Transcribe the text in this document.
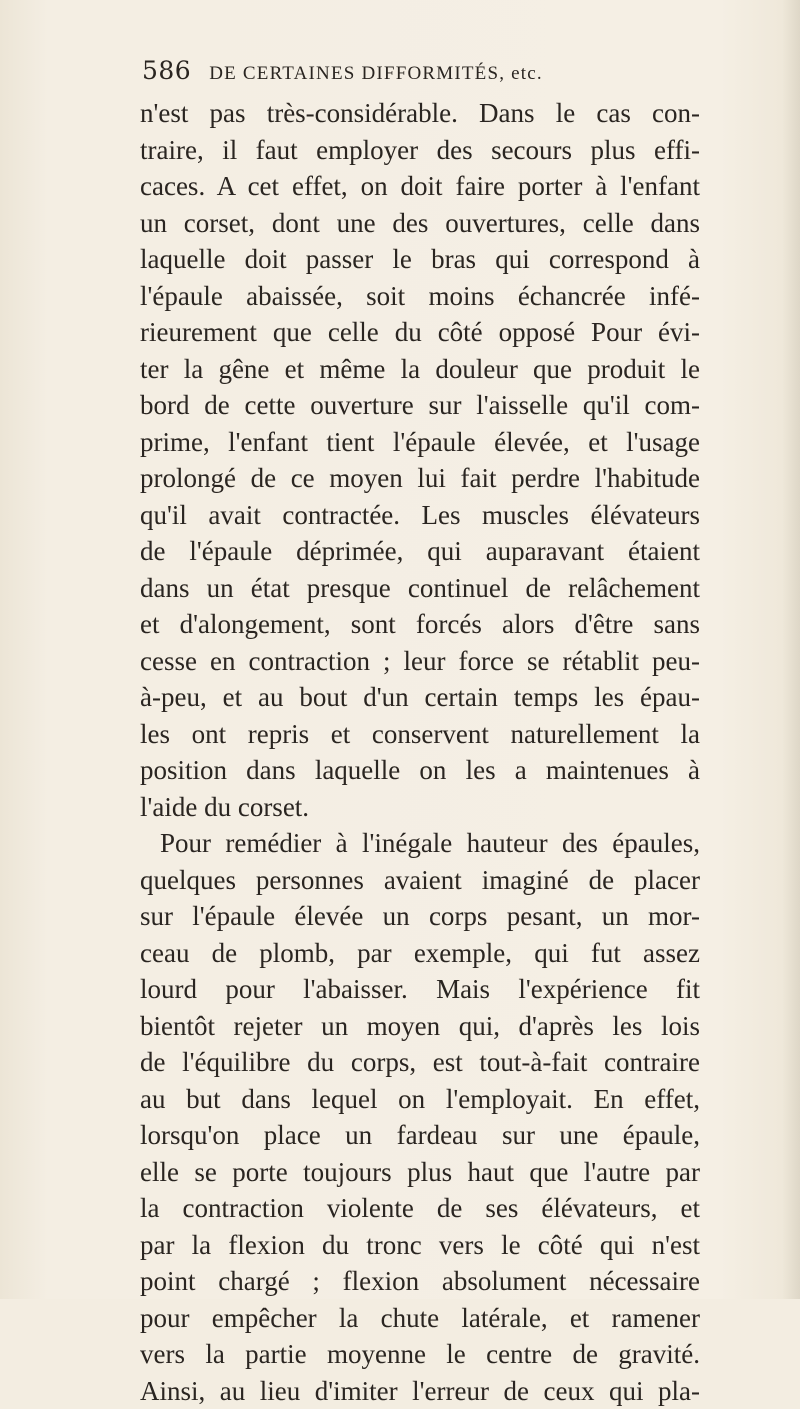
586 DE CERTAINES DIFFORMITÉS, etc.
n'est pas très-considérable. Dans le cas con-
traire, il faut employer des secours plus effi-
caces. A cet effet, on doit faire porter à l'enfant
un corset, dont une des ouvertures, celle dans
laquelle doit passer le bras qui correspond à
l'épaule abaissée, soit moins échancrée infé-
rieurement que celle du côté opposé Pour évi-
ter la gêne et même la douleur que produit le
bord de cette ouverture sur l'aisselle qu'il com-
prime, l'enfant tient l'épaule élevée, et l'usage
prolongé de ce moyen lui fait perdre l'habitude
qu'il avait contractée. Les muscles élévateurs
de l'épaule déprimée, qui auparavant étaient
dans un état presque continuel de relâchement
et d'alongement, sont forcés alors d'être sans
cesse en contraction ; leur force se rétablit peu-
à-peu, et au bout d'un certain temps les épau-
les ont repris et conservent naturellement la
position dans laquelle on les a maintenues à
l'aide du corset.
Pour remédier à l'inégale hauteur des épaules,
quelques personnes avaient imaginé de placer
sur l'épaule élevée un corps pesant, un mor-
ceau de plomb, par exemple, qui fut assez
lourd pour l'abaisser. Mais l'expérience fit
bientôt rejeter un moyen qui, d'après les lois
de l'équilibre du corps, est tout-à-fait contraire
au but dans lequel on l'employait. En effet,
lorsqu'on place un fardeau sur une épaule,
elle se porte toujours plus haut que l'autre par
la contraction violente de ses élévateurs, et
par la flexion du tronc vers le côté qui n'est
point chargé ; flexion absolument nécessaire
pour empêcher la chute latérale, et ramener
vers la partie moyenne le centre de gravité.
Ainsi, au lieu d'imiter l'erreur de ceux qui pla-
